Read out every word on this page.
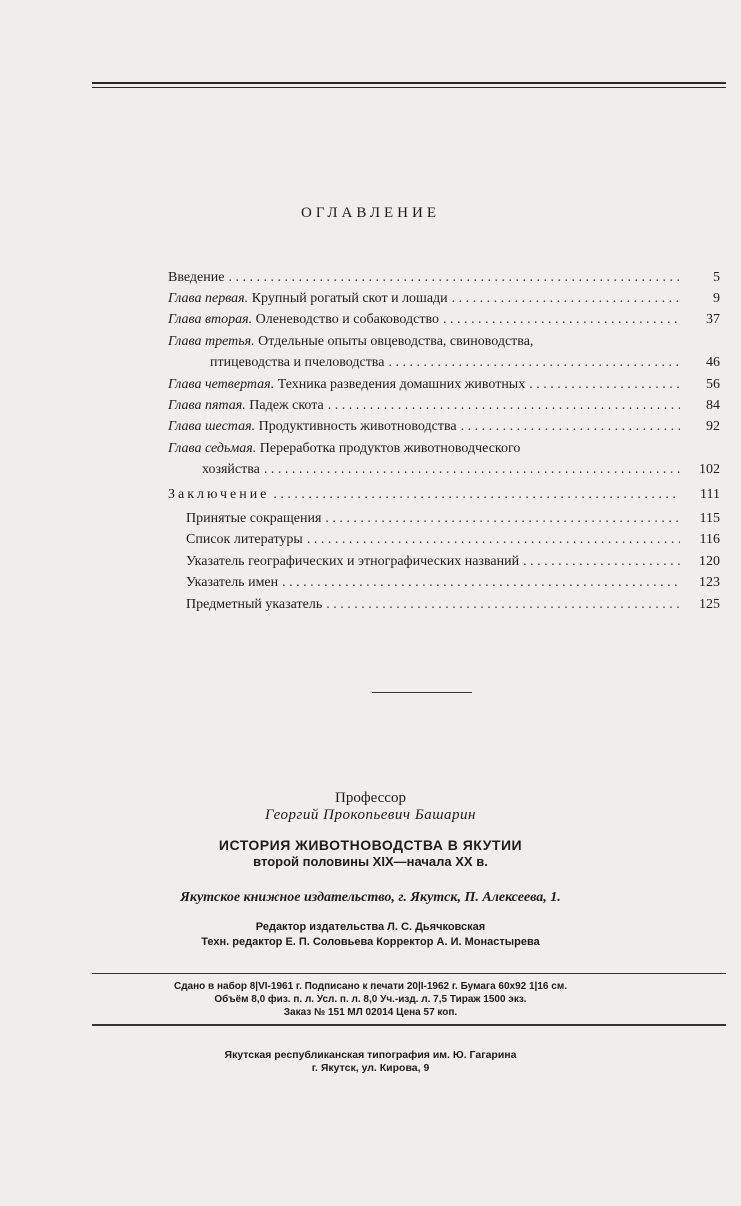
ОГЛАВЛЕНИЕ
Введение . . .	5
Глава первая. Крупный рогатый скот и лошади . . .	9
Глава вторая. Оленеводство и собаководство . . .	37
Глава третья. Отдельные опыты овцеводства, свиноводства,
птицеводства и пчеловодства . . .	46
Глава четвертая. Техника разведения домашних животных . . .	56
Глава пятая. Падеж скота . . .	84
Глава шестая. Продуктивность животноводства . . .	92
Глава седьмая. Переработка продуктов животноводческого
хозяйства . . .	102
Заключение . . .	111
Принятые сокращения . . .	115
Список литературы . . .	116
Указатель географических и этнографических названий . . .	120
Указатель имен . . .	123
Предметный указатель . . .	125
Профессор
Георгий Прокопьевич Башарин
ИСТОРИЯ ЖИВОТНОВОДСТВА В ЯКУТИИ
второй половины XIX—начала XX в.
Якутское книжное издательство, г. Якутск, П. Алексеева, 1.
Редактор издательства Л. С. Дьячковская
Техн. редактор Е. П. Соловьева Корректор А. И. Монастырева
Сдано в набор 8|VI-1961 г. Подписано к печати 20|I-1962 г. Бумага 60x92 1|16 см.
Объём 8,0 физ. п. л. Усл. п. л. 8,0 Уч.-изд. л. 7,5 Тираж 1500 экз.
Заказ № 151 МЛ 02014 Цена 57 коп.
Якутская республиканская типография им. Ю. Гагарина
г. Якутск, ул. Кирова, 9
